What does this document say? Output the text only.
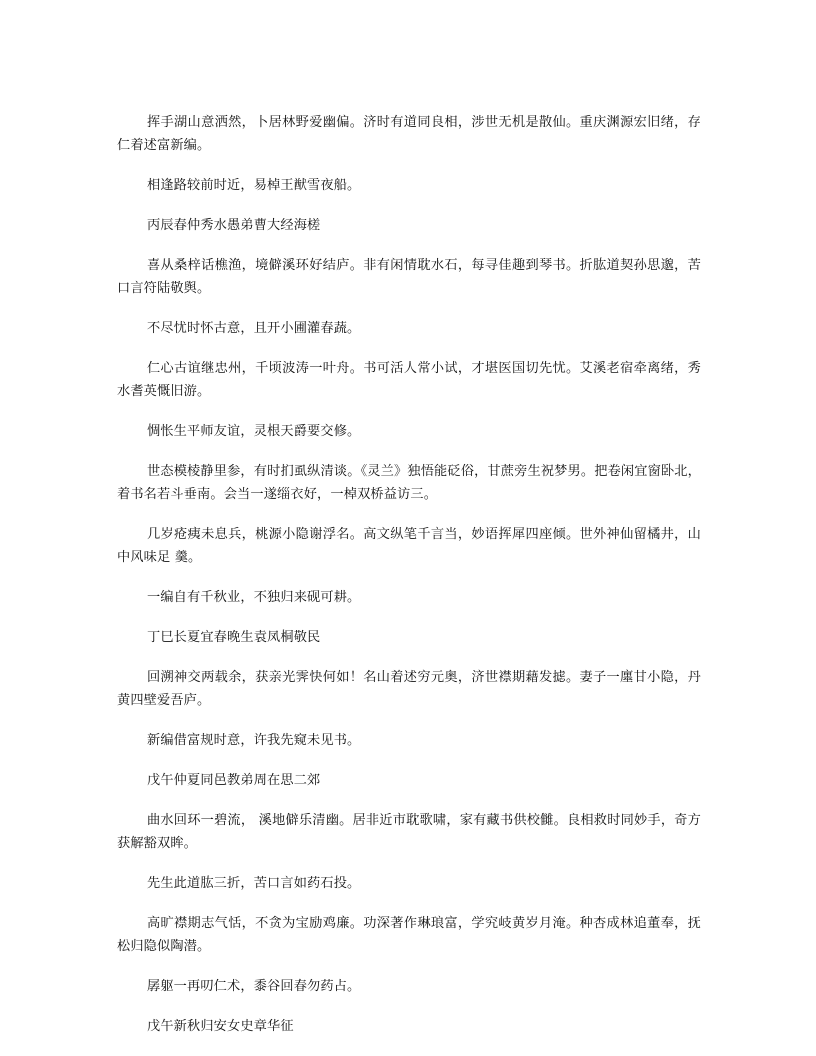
挥手湖山意洒然，卜居林野爱幽偏。济时有道同良相，涉世无机是散仙。重庆渊源宏旧绪，存仁着述富新编。

相逢路较前时近，易棹王猷雪夜船。

丙辰春仲秀水愚弟曹大经海槎

喜从桑梓话樵渔，境僻溪环好结庐。非有闲情耽水石，每寻佳趣到琴书。折肱道契孙思邈，苦口言符陆敬舆。

不尽忧时怀古意，且开小圃灌春蔬。

仁心古谊继忠州，千顷波涛一叶舟。书可活人常小试，才堪医国切先忧。艾溪老宿牵离绪，秀水耆英慨旧游。

惆怅生平师友谊，灵根天爵要交修。

世态模棱静里参，有时扪虱纵清谈。《灵兰》独悟能砭俗，甘蔗旁生祝梦男。把卷闲宜窗卧北，着书名若斗垂南。会当一遂缁衣好，一棹双桥益访三。

几岁疮痍未息兵，桃源小隐谢浮名。高文纵笔千言当，妙语挥犀四座倾。世外神仙留橘井，山中风味足 羹。

一编自有千秋业，不独归来砚可耕。

丁巳长夏宜春晚生袁凤桐敬民

回溯神交两载余，获亲光霁快何如！名山着述穷元奥，济世襟期藉发摅。妻子一廛甘小隐，丹黄四壁爱吾庐。

新编借富规时意，许我先窥未见书。

戊午仲夏同邑教弟周在思二郊

曲水回环一碧流， 溪地僻乐清幽。居非近市耽歌啸，家有藏书供校雠。良相救时同妙手，奇方获解豁双眸。

先生此道肱三折，苦口言如药石投。

高旷襟期志气恬，不贪为宝励鸡廉。功深著作琳琅富，学究岐黄岁月淹。种杏成林追董奉，抚松归隐似陶潜。

孱躯一再叨仁术，黍谷回春勿药占。

戊午新秋归安女史章华征
